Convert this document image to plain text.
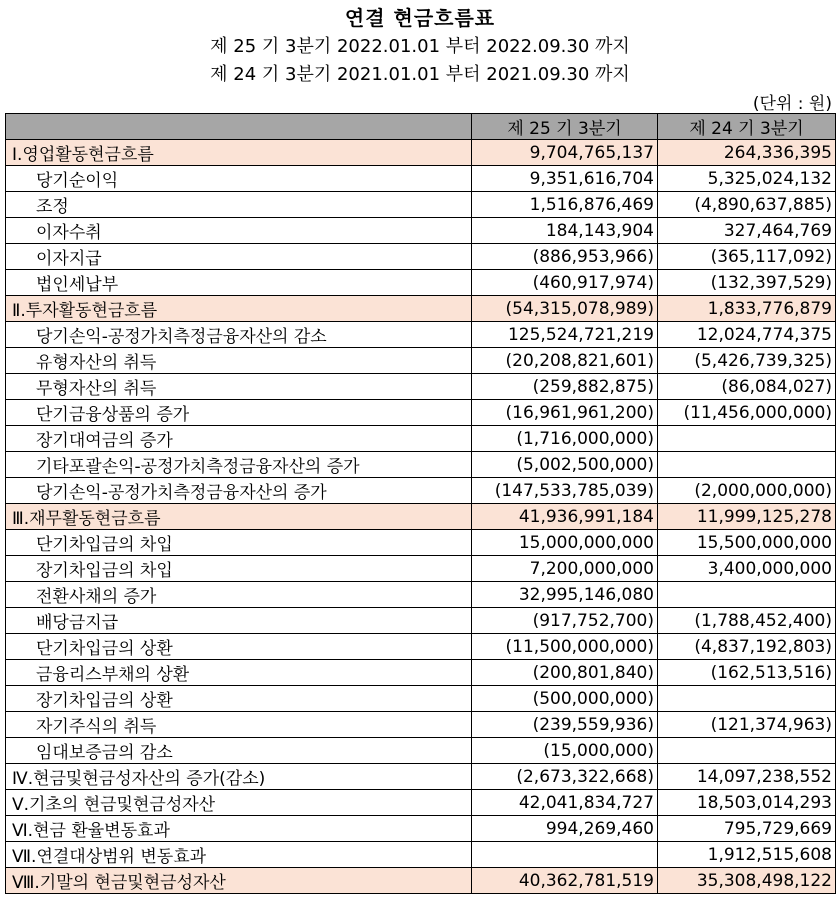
연결 현금흐름표
제 25 기 3분기 2022.01.01 부터 2022.09.30 까지
제 24 기 3분기 2021.01.01 부터 2021.09.30 까지
(단위 : 원)
	제 25 기 3분기	제 24 기 3분기
Ⅰ.영업활동현금흐름	9,704,765,137	264,336,395
당기순이익	9,351,616,704	5,325,024,132
조정	1,516,876,469	(4,890,637,885)
이자수취	184,143,904	327,464,769
이자지급	(886,953,966)	(365,117,092)
법인세납부	(460,917,974)	(132,397,529)
Ⅱ.투자활동현금흐름	(54,315,078,989)	1,833,776,879
당기손익-공정가치측정금융자산의 감소	125,524,721,219	12,024,774,375
유형자산의 취득	(20,208,821,601)	(5,426,739,325)
무형자산의 취득	(259,882,875)	(86,084,027)
단기금융상품의 증가	(16,961,961,200)	(11,456,000,000)
장기대여금의 증가	(1,716,000,000)	
기타포괄손익-공정가치측정금융자산의 증가	(5,002,500,000)	
당기손익-공정가치측정금융자산의 증가	(147,533,785,039)	(2,000,000,000)
Ⅲ.재무활동현금흐름	41,936,991,184	11,999,125,278
단기차입금의 차입	15,000,000,000	15,500,000,000
장기차입금의 차입	7,200,000,000	3,400,000,000
전환사채의 증가	32,995,146,080	
배당금지급	(917,752,700)	(1,788,452,400)
단기차입금의 상환	(11,500,000,000)	(4,837,192,803)
금융리스부채의 상환	(200,801,840)	(162,513,516)
장기차입금의 상환	(500,000,000)	
자기주식의 취득	(239,559,936)	(121,374,963)
임대보증금의 감소	(15,000,000)	
Ⅳ.현금및현금성자산의 증가(감소)	(2,673,322,668)	14,097,238,552
Ⅴ.기초의 현금및현금성자산	42,041,834,727	18,503,014,293
Ⅵ.현금 환율변동효과	994,269,460	795,729,669
Ⅶ.연결대상범위 변동효과		1,912,515,608
Ⅷ.기말의 현금및현금성자산	40,362,781,519	35,308,498,122
